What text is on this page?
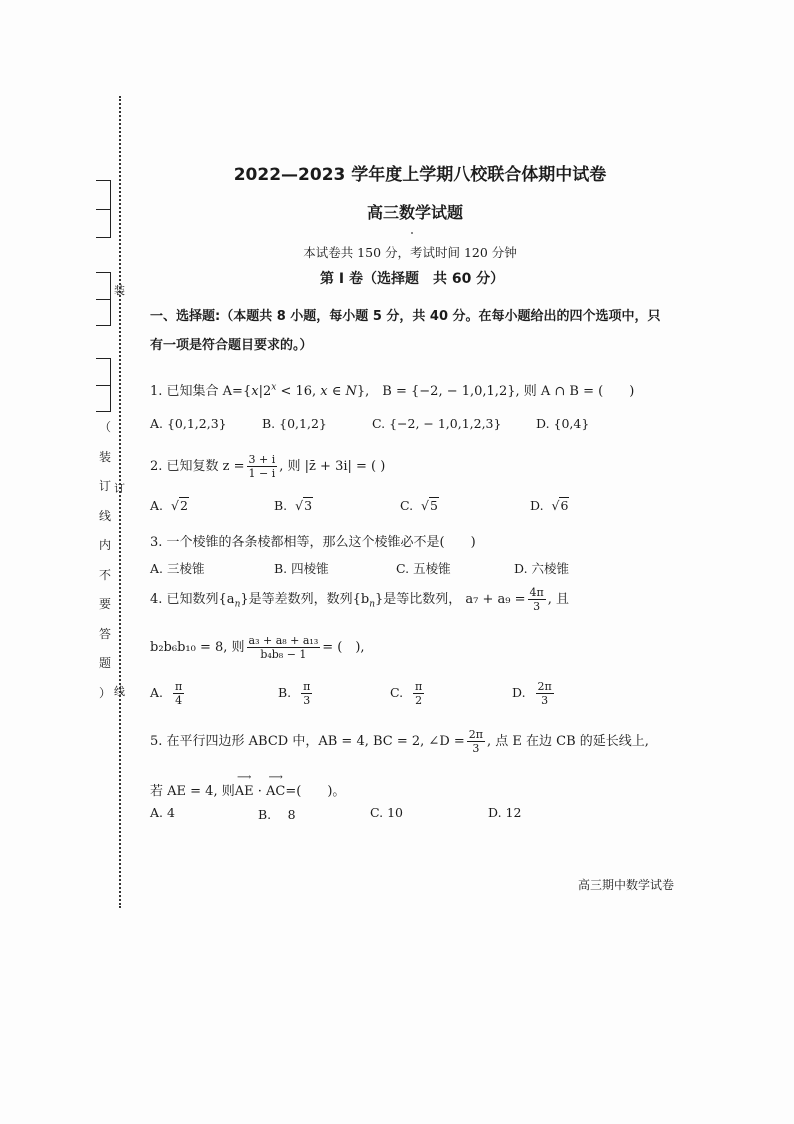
装
订
线
（
装
订
线
内
不
要
答
题
）
2022—2023 学年度上学期八校联合体期中试卷
高三数学试题
本试卷共 150 分，考试时间 120 分钟
第 Ⅰ 卷（选择题　共 60 分）
一、选择题:（本题共 8 小题，每小题 5 分，共 40 分。在每小题给出的四个选项中，只有一项是符合题目要求的。）
1. 已知集合 $A=\{x|2^x < 16$, x ∈ N},　B = {−2, − 1,0,1,2}, 则 A ∩ B = (　　)
A. {0,1,2,3}	B. {0,1,2}	C. {−2, − 1,0,1,2,3}	D. {0,4}
2. 已知复数 $z = \frac{3 + i}{1 - i}$ , 则 |z̄ + 3i| = ( )
A. √2	B. √3	C. √5	D. √6
3. 一个棱锥的各条棱都相等，那么这个棱锥必不是(　　)
A. 三棱锥	B. 四棱锥	C. 五棱锥	D. 六棱锥
4. 已知数列$\{a_n\}$是等差数列，数列$\{b_n\}$是等比数列， $a_7 + a_9 = \frac{4\pi}{3}$ , 且
b₂b₆b₁₀ = 8, 则 $\frac{\text{a₃ + a₈ + a₁₃}}{\text{b₄b₈ − 1}}$ = (　),
A. $\frac{\pi}{4}$	B. $\frac{\pi}{3}$	C. $\frac{\pi}{2}$	D. $\frac{2\pi}{3}$
5. 在平行四边形 ABCD 中，AB = 4, BC = 2, ∠D = $\frac{2\pi}{3}$ , 点 E 在边 CB 的延长线上,
若 AE = 4, 则
⟶
AE ·
⟶
AC=(　　)。
A. 4	B.　 8	C. 10	D. 12
高三期中数学试卷
